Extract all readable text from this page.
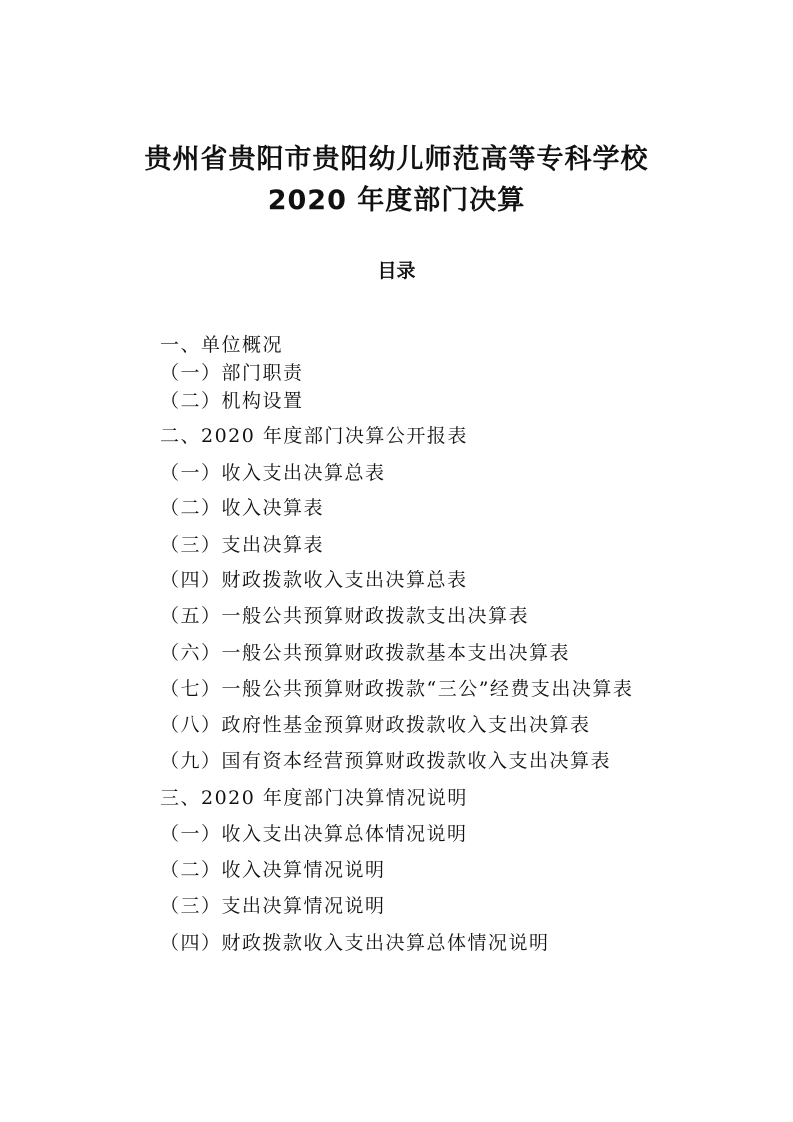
贵州省贵阳市贵阳幼儿师范高等专科学校
2020 年度部门决算
目录
一、单位概况
（一）部门职责
（二）机构设置
二、2020 年度部门决算公开报表
（一）收入支出决算总表
（二）收入决算表
（三）支出决算表
（四）财政拨款收入支出决算总表
（五）一般公共预算财政拨款支出决算表
（六）一般公共预算财政拨款基本支出决算表
（七）一般公共预算财政拨款“三公”经费支出决算表
（八）政府性基金预算财政拨款收入支出决算表
（九）国有资本经营预算财政拨款收入支出决算表
三、2020 年度部门决算情况说明
（一）收入支出决算总体情况说明
（二）收入决算情况说明
（三）支出决算情况说明
（四）财政拨款收入支出决算总体情况说明
